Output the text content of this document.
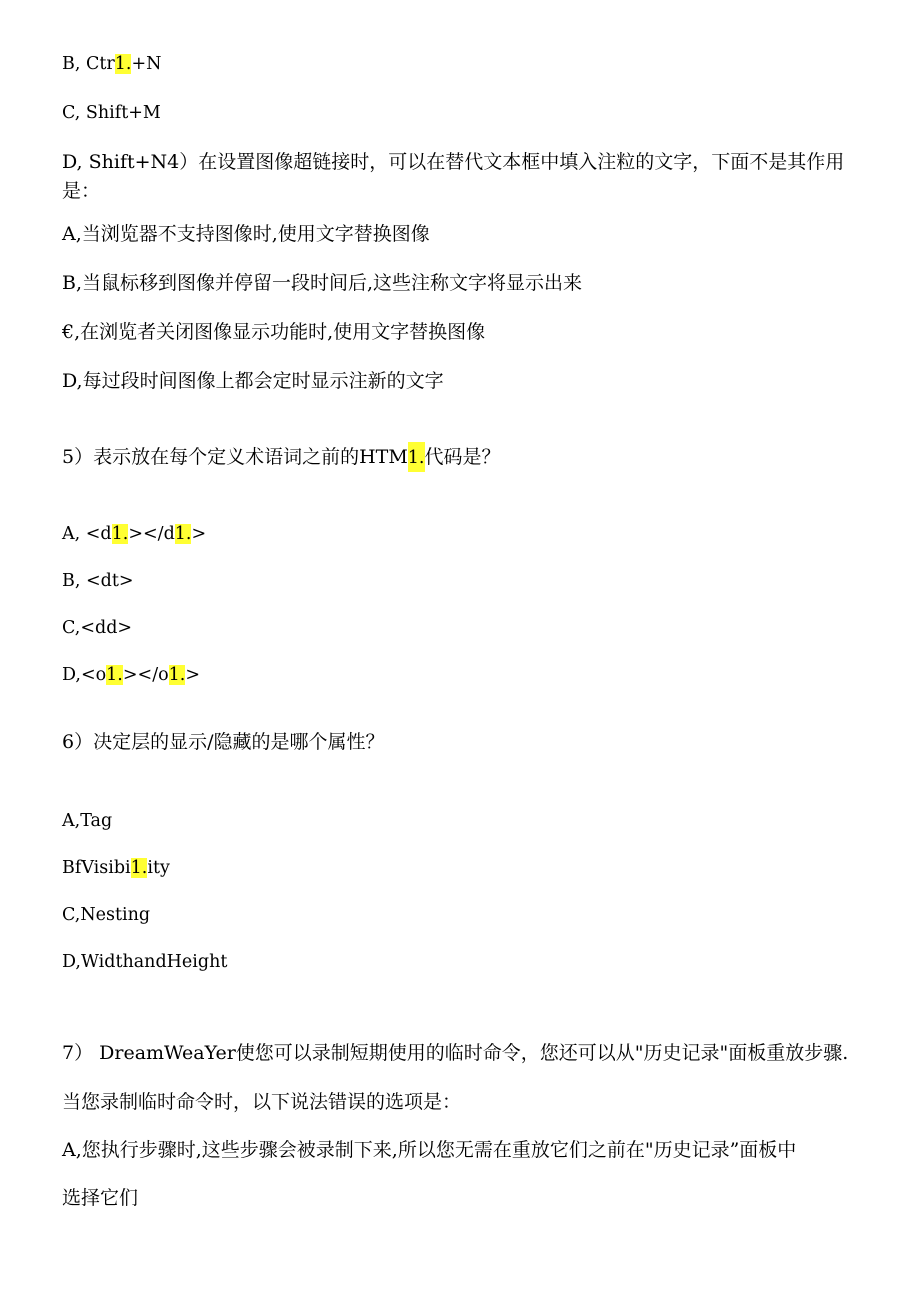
B, Ctr1.+N
C, Shift+M
D, Shift+N4）在设置图像超链接时，可以在替代文本框中填入注粒的文字，下面不是其作用
是：
A,当浏览器不支持图像时,使用文字替换图像
B,当鼠标移到图像并停留一段时间后,这些注称文字将显示出来
€,在浏览者关闭图像显示功能时,使用文字替换图像
D,每过段时间图像上都会定时显示注新的文字
5）表示放在每个定义术语词之前的HTM1.代码是？
A, <d1.></d1.>
B, <dt>
C,<dd>
D,<o1.></o1.>
6）决定层的显示/隐藏的是哪个属性？
A,Tag
BfVisibi1.ity
C,Nesting
D,WidthandHeight
7） DreamWeaYer使您可以录制短期使用的临时命令，您还可以从"历史记录"面板重放步骤.
当您录制临时命令时，以下说法错误的选项是：
A,您执行步骤时,这些步骤会被录制下来,所以您无需在重放它们之前在"历史记录”面板中
选择它们
